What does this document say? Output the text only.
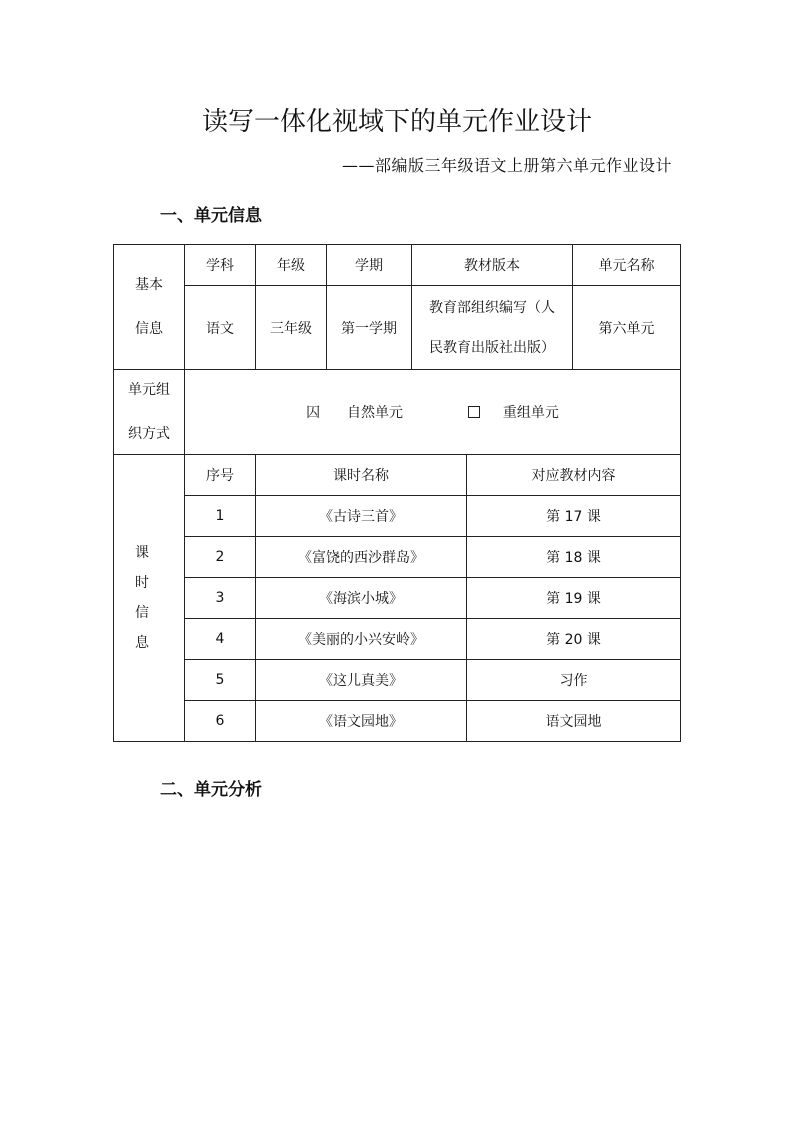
读写一体化视域下的单元作业设计
——部编版三年级语文上册第六单元作业设计
一、单元信息
基本
信息	学科	年级	学期	教材版本		单元名称
	语文	三年级	第一学期	教育部组织编写（人
民教育出版社出版）		第六单元

单元组
织方式	囚 自然单元 重组单元					

课
时
信
息	序号	课时名称			对应教材内容	
	1	《古诗三首》			第 17 课	
	2	《富饶的西沙群岛》			第 18 课	
	3	《海滨小城》			第 19 课	
	4	《美丽的小兴安岭》			第 20 课	
	5	《这儿真美》			习作	
	6	《语文园地》			语文园地	
二、单元分析
